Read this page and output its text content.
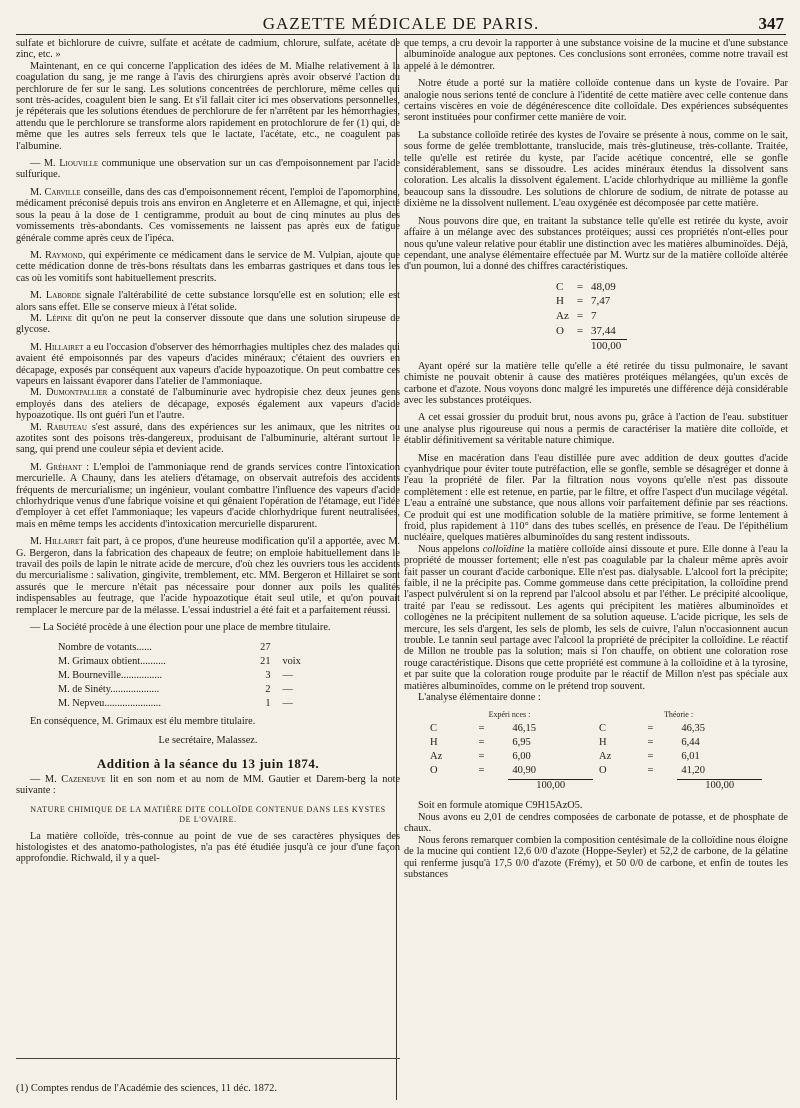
GAZETTE MÉDICALE DE PARIS.	347

sulfate et bichlorure de cuivre, sulfate et acétate de cadmium, chlorure, sulfate, acétate de zinc, etc. »

Maintenant, en ce qui concerne l'application des idées de M. Mialhe relativement à la coagulation du sang, je me range à l'avis des chirurgiens après avoir observé l'action du perchlorure de fer sur le sang. Les solutions concentrées de perchlorure, même celles qui sont très-acides, coagulent bien le sang. Et s'il fallait citer ici mes observations personnelles, je répéterais que les solutions étendues de perchlorure de fer n'arrêtent par les hémorrhagies, attendu que le perchlorure se transforme alors rapidement en protochlorure de fer (1) qui, de même que les autres sels ferreux tels que le lactate, l'acétate, etc., ne coagulent pas l'albumine.

— M. Liouville communique une observation sur un cas d'empoisonnement par l'acide sulfurique.

M. Carville conseille, dans des cas d'empoisonnement récent, l'emploi de l'apomorphine, médicament préconisé depuis trois ans environ en Angleterre et en Allemagne, et qui, injecté sous la peau à la dose de 1 centigramme, produit au bout de cinq minutes au plus des vomissements très-abondants. Ces vomissements ne laissent pas après eux de fatigue générale comme après ceux de l'ipéca.

M. Raymond, qui expérimente ce médicament dans le service de M. Vulpian, ajoute que cette médication donne de très-bons résultats dans les embarras gastriques et dans tous les cas où les vomitifs sont habituellement prescrits.

M. Laborde signale l'altérabilité de cette substance lorsqu'elle est en solution; elle est alors sans effet. Elle se conserve mieux à l'état solide.

M. Lépine dit qu'on ne peut la conserver dissoute que dans une solution sirupeuse de glycose.

M. Hillairet a eu l'occasion d'observer des hémorrhagies multiples chez des malades qui avaient été empoisonnés par des vapeurs d'acides minéraux; c'étaient des ouvriers en décapage, exposés par conséquent aux vapeurs d'acide hypoazotique. On peut combattre ces vapeurs en laissant évaporer dans l'atelier de l'ammoniaque.

M. Dumontpallier a constaté de l'albuminurie avec hydropisie chez deux jeunes gens employés dans des ateliers de décapage, exposés également aux vapeurs d'acide hypoazotique. Ils ont guéri l'un et l'autre.

M. Rabuteau s'est assuré, dans des expériences sur les animaux, que les nitrites ou azotites sont des poisons très-dangereux, produisant de l'albuminurie, altérant surtout le sang, qui prend une couleur sépia et devient acide.

M. Gréhant : L'emploi de l'ammoniaque rend de grands services contre l'intoxication mercurielle. A Chauny, dans les ateliers d'étamage, on observait autrefois des accidents fréquents de mercurialisme; un ingénieur, voulant combattre l'influence des vapeurs d'acide chlorhydrique venus d'une fabrique voisine et qui gênaient l'opération de l'étamage, eut l'idée d'employer à cet effet l'ammoniaque; les vapeurs d'acide chlorhydrique furent neutralisées, mais en même temps les accidents d'intoxication mercurielle disparurent.

M. Hillairet fait part, à ce propos, d'une heureuse modification qu'il a apportée, avec M. G. Bergeron, dans la fabrication des chapeaux de feutre; on emploie habituellement dans le travail des poils de lapin le nitrate acide de mercure, d'où chez les ouvriers tous les accidents du mercurialisme : salivation, gingivite, tremblement, etc. MM. Bergeron et Hillairet se sont assurés que le mercure n'était pas nécessaire pour donner aux poils les qualités indispensables au feutrage, que l'acide hypoazotique était seul utile, et qu'on pouvait remplacer le mercure par de la mélasse. L'essai industriel a été fait et a parfaitement réussi.

— La Société procède à une élection pour une place de membre titulaire.

Nombre de votants......	27	
M. Grimaux obtient..........	21	voix
M. Bourneville................	3	—
M. de Sinéty...................	2	—
M. Nepveu......................	1	—

En conséquence, M. Grimaux est élu membre titulaire.

Le secrétaire, Malassez.

Addition à la séance du 13 juin 1874.

— M. Cazeneuve lit en son nom et au nom de MM. Gautier et Darem-berg la note suivante :

NATURE CHIMIQUE DE LA MATIÈRE DITE COLLOÏDE CONTENUE DANS LES KYSTES DE L'OVAIRE.

La matière colloïde, très-connue au point de vue de ses caractères physiques des histologistes et des anatomo-pathologistes, n'a pas été étudiée jusqu'à ce jour d'une façon approfondie. Richwald, il y a quel-

(1) Comptes rendus de l'Académie des sciences, 11 déc. 1872.

que temps, a cru devoir la rapporter à une substance voisine de la mucine et d'une substance albuminoïde analogue aux peptones. Ces conclusions sont erronées, comme notre travail est appelé à le démontrer.

Notre étude a porté sur la matière colloïde contenue dans un kyste de l'ovaire. Par analogie nous serions tenté de conclure à l'identité de cette matière avec celle contenue dans certains viscères en voie de dégénérescence dite colloïdale. Des expériences subséquentes seront instituées pour confirmer cette manière de voir.

La substance colloïde retirée des kystes de l'ovaire se présente à nous, comme on le sait, sous forme de gelée tremblottante, translucide, mais très-glutineuse, très-collante. Traitée, telle qu'elle est retirée du kyste, par l'acide acétique concentré, elle se gonfle considérablement, sans se dissoudre. Les acides minéraux étendus la dissolvent sans coloration. Les alcalis la dissolvent également. L'acide chlorhydrique au millième la gonfle beaucoup sans la dissoudre. Les solutions de chlorure de sodium, de nitrate de potasse au dixième ne la dissolvent nullement. L'eau oxygénée est décomposée par cette matière.

Nous pouvons dire que, en traitant la substance telle qu'elle est retirée du kyste, avoir affaire à un mélange avec des substances protéiques; aussi ces propriétés n'ont-elles pour nous qu'une valeur relative pour établir une distinction avec les matières albuminoïdes. Déjà, cependant, une analyse élémentaire effectuée par M. Wurtz sur de la matière colloïde altérée d'un poumon, lui a donné des chiffres caractéristiques.

C	=	48,09
H	=	7,47
Az	=	7
O	=	37,44
		100,00

Ayant opéré sur la matière telle qu'elle a été retirée du tissu pulmonaire, le savant chimiste ne pouvait obtenir à cause des matières protéiques mélangées, qu'un excès de carbone et d'azote. Nous voyons donc malgré les impuretés une différence déjà considérable avec les substances protéiques.

A cet essai grossier du produit brut, nous avons pu, grâce à l'action de l'eau. substituer une analyse plus rigoureuse qui nous a permis de caractériser la matière dite colloïde, et établir définitivement sa véritable nature chimique.

Mise en macération dans l'eau distillée pure avec addition de deux gouttes d'acide cyanhydrique pour éviter toute putréfaction, elle se gonfle, semble se désagréger et donne à l'eau la propriété de filer. Par la filtration nous voyons qu'elle n'est pas dissoute complètement : elle est retenue, en partie, par le filtre, et offre l'aspect d'un mucilage végétal. L'eau a entraîné une substance, que nous allons voir parfaitement définie par ses réactions. Ce produit qui est une modification soluble de la matière primitive, se forme lentement à froid, plus rapidement à 110° dans des tubes scellés, en présence de l'eau. De l'épithélium nucléaire, quelques matières albuminoïdes du sang restent indissouts.

Nous appelons colloïdine la matière colloïde ainsi dissoute et pure. Elle donne à l'eau la propriété de mousser fortement; elle n'est pas coagulable par la chaleur même après avoir fait passer un courant d'acide carbonique. Elle n'est pas. dialysable. L'alcool fort la précipite; faible, il ne la précipite pas. Comme gommeuse dans cette précipitation, la colloïdine prend l'aspect pulvérulent si on la reprend par l'alcool absolu et par l'éther. Le précipité alcoolique, traité par l'eau se redissout. Les agents qui précipitent les matières albuminoïdes et collogènes ne la précipitent nullement de sa solution aqueuse. L'acide picrique, les sels de mercure, les sels d'argent, les sels de plomb, les sels de cuivre, l'alun n'occasionnent aucun trouble. Le tannin seul partage avec l'alcool la propriété de précipiter la colloïdine. Le réactif de Millon ne trouble pas la solution; mais si l'on chauffe, on obtient une coloration rose rouge caractéristique. Disons que cette propriété est commune à la colloïdine et à la tyrosine, et par suite que la coloration rouge produite par le réactif de Millon n'est pas spéciale aux matières albuminoïdes, comme on le prétend trop souvent.

L'analyse élémentaire donne :

Expéri nces :			Théorie :		
C	=	46,15	C	=	46,35
H	=	6,95	H	=	6,44
Az	=	6,00	Az	=	6,01
O	=	40,90	O	=	41,20
		100,00			100,00

Soit en formule atomique C9H15AzO5.

Nous avons eu 2,01 de cendres composées de carbonate de potasse, et de phosphate de chaux.

Nous ferons remarquer combien la composition centésimale de la colloïdine nous éloigne de la mucine qui contient 12,6 0/0 d'azote (Hoppe-Seyler) et 52,2 de carbone, de la gélatine qui renferme jusqu'à 17,5 0/0 d'azote (Frémy), et 50 0/0 de carbone, et enfin de toutes les substances
